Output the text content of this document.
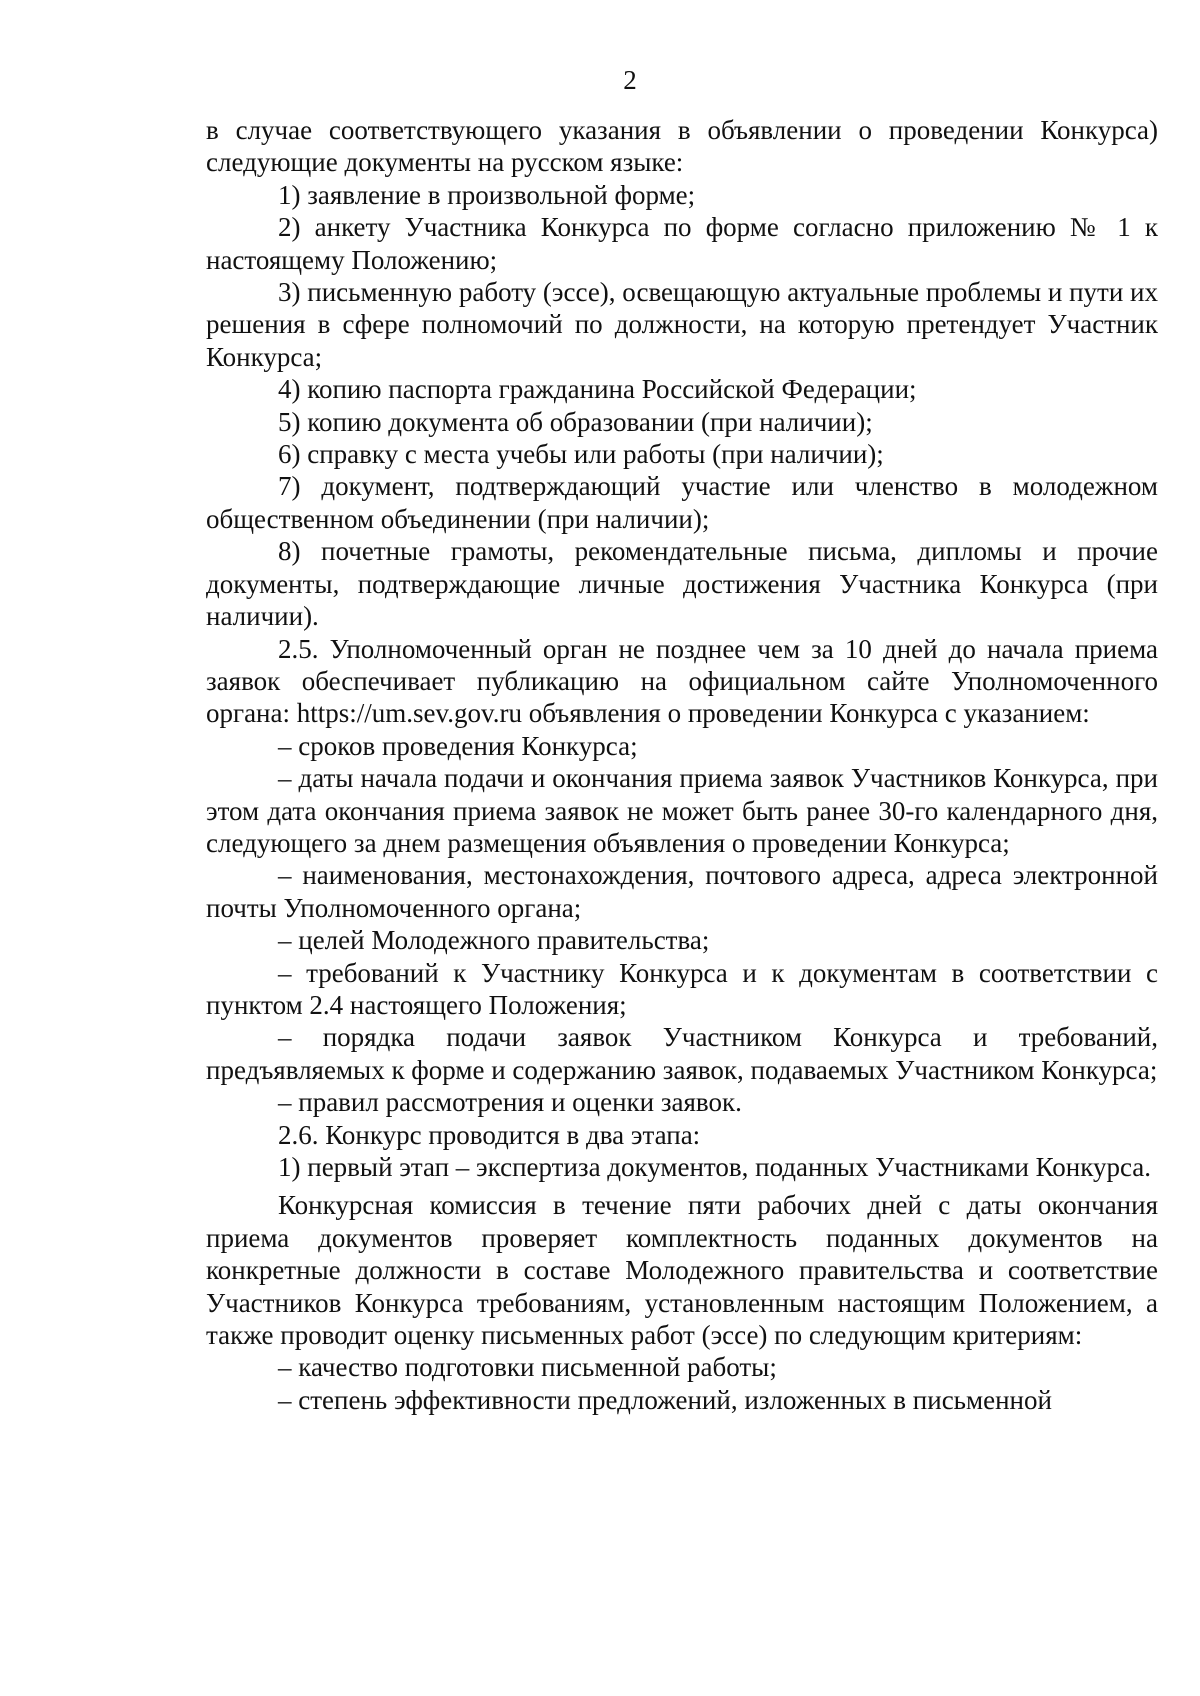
2

в случае соответствующего указания в объявлении о проведении Конкурса) следующие документы на русском языке:

1) заявление в произвольной форме;

2) анкету Участника Конкурса по форме согласно приложению № 1 к настоящему Положению;

3) письменную работу (эссе), освещающую актуальные проблемы и пути их решения в сфере полномочий по должности, на которую претендует Участник Конкурса;

4) копию паспорта гражданина Российской Федерации;

5) копию документа об образовании (при наличии);

6) справку с места учебы или работы (при наличии);

7) документ, подтверждающий участие или членство в молодежном общественном объединении (при наличии);

8) почетные грамоты, рекомендательные письма, дипломы и прочие документы, подтверждающие личные достижения Участника Конкурса (при наличии).

2.5. Уполномоченный орган не позднее чем за 10 дней до начала приема заявок обеспечивает публикацию на официальном сайте Уполномоченного органа: https://um.sev.gov.ru объявления о проведении Конкурса с указанием:

– сроков проведения Конкурса;

– даты начала подачи и окончания приема заявок Участников Конкурса, при этом дата окончания приема заявок не может быть ранее 30-го календарного дня, следующего за днем размещения объявления о проведении Конкурса;

– наименования, местонахождения, почтового адреса, адреса электронной почты Уполномоченного органа;

– целей Молодежного правительства;

– требований к Участнику Конкурса и к документам в соответствии с пунктом 2.4 настоящего Положения;

– порядка подачи заявок Участником Конкурса и требований, предъявляемых к форме и содержанию заявок, подаваемых Участником Конкурса;

– правил рассмотрения и оценки заявок.

2.6. Конкурс проводится в два этапа:

1) первый этап – экспертиза документов, поданных Участниками Конкурса.

Конкурсная комиссия в течение пяти рабочих дней с даты окончания приема документов проверяет комплектность поданных документов на конкретные должности в составе Молодежного правительства и соответствие Участников Конкурса требованиям, установленным настоящим Положением, а также проводит оценку письменных работ (эссе) по следующим критериям:

– качество подготовки письменной работы;

– степень эффективности предложений, изложенных в письменной
